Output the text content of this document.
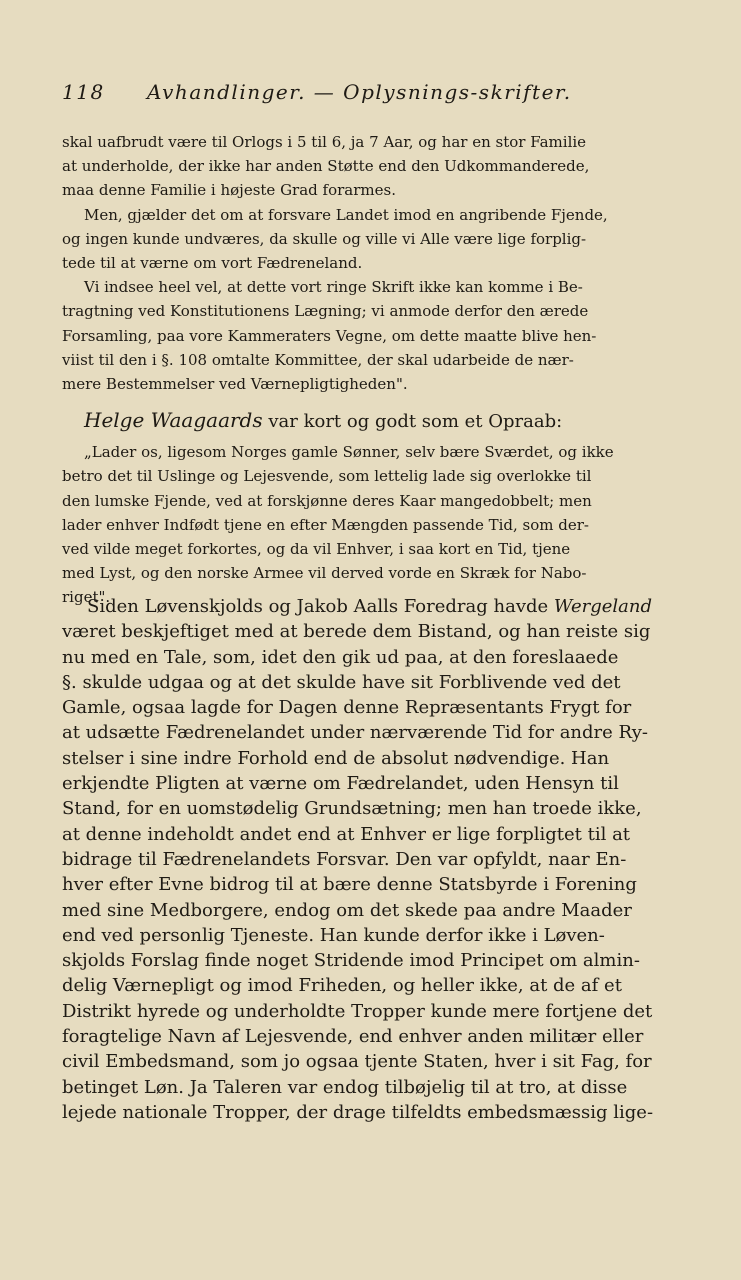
118 Avhandlinger. — Oplysnings-skrifter.
skal uafbrudt være til Orlogs i 5 til 6, ja 7 Aar, og har en stor Familie
at underholde, der ikke har anden Støtte end den Udkommanderede,
maa denne Familie i højeste Grad forarmes.
Men, gjælder det om at forsvare Landet imod en angribende Fjende,
og ingen kunde undværes, da skulle og ville vi Alle være lige forplig-
tede til at værne om vort Fædreneland.
Vi indsee heel vel, at dette vort ringe Skrift ikke kan komme i Be-
tragtning ved Konstitutionens Lægning; vi anmode derfor den ærede
Forsamling, paa vore Kammeraters Vegne, om dette maatte blive hen-
viist til den i §. 108 omtalte Kommittee, der skal udarbeide de nær-
mere Bestemmelser ved Værnepligtigheden".
Helge Waagaards var kort og godt som et Opraab:
„Lader os, ligesom Norges gamle Sønner, selv bære Sværdet, og ikke
betro det til Uslinge og Lejesvende, som lettelig lade sig overlokke til
den lumske Fjende, ved at forskjønne deres Kaar mangedobbelt; men
lader enhver Indfødt tjene en efter Mængden passende Tid, som der-
ved vilde meget forkortes, og da vil Enhver, i saa kort en Tid, tjene
med Lyst, og den norske Armee vil derved vorde en Skræk for Nabo-
riget".
Siden Løvenskjolds og Jakob Aalls Foredrag havde Wergeland
været beskjeftiget med at berede dem Bistand, og han reiste sig
nu med en Tale, som, idet den gik ud paa, at den foreslaaede
§. skulde udgaa og at det skulde have sit Forblivende ved det
Gamle, ogsaa lagde for Dagen denne Repræsentants Frygt for
at udsætte Fædrenelandet under nærværende Tid for andre Ry-
stelser i sine indre Forhold end de absolut nødvendige. Han
erkjendte Pligten at værne om Fædrelandet, uden Hensyn til
Stand, for en uomstødelig Grundsætning; men han troede ikke,
at denne indeholdt andet end at Enhver er lige forpligtet til at
bidrage til Fædrenelandets Forsvar. Den var opfyldt, naar En-
hver efter Evne bidrog til at bære denne Statsbyrde i Forening
med sine Medborgere, endog om det skede paa andre Maader
end ved personlig Tjeneste. Han kunde derfor ikke i Løven-
skjolds Forslag finde noget Stridende imod Principet om almin-
delig Værnepligt og imod Friheden, og heller ikke, at de af et
Distrikt hyrede og underholdte Tropper kunde mere fortjene det
foragtelige Navn af Lejesvende, end enhver anden militær eller
civil Embedsmand, som jo ogsaa tjente Staten, hver i sit Fag, for
betinget Løn. Ja Taleren var endog tilbøjelig til at tro, at disse
lejede nationale Tropper, der drage tilfeldts embedsmæssig lige-
